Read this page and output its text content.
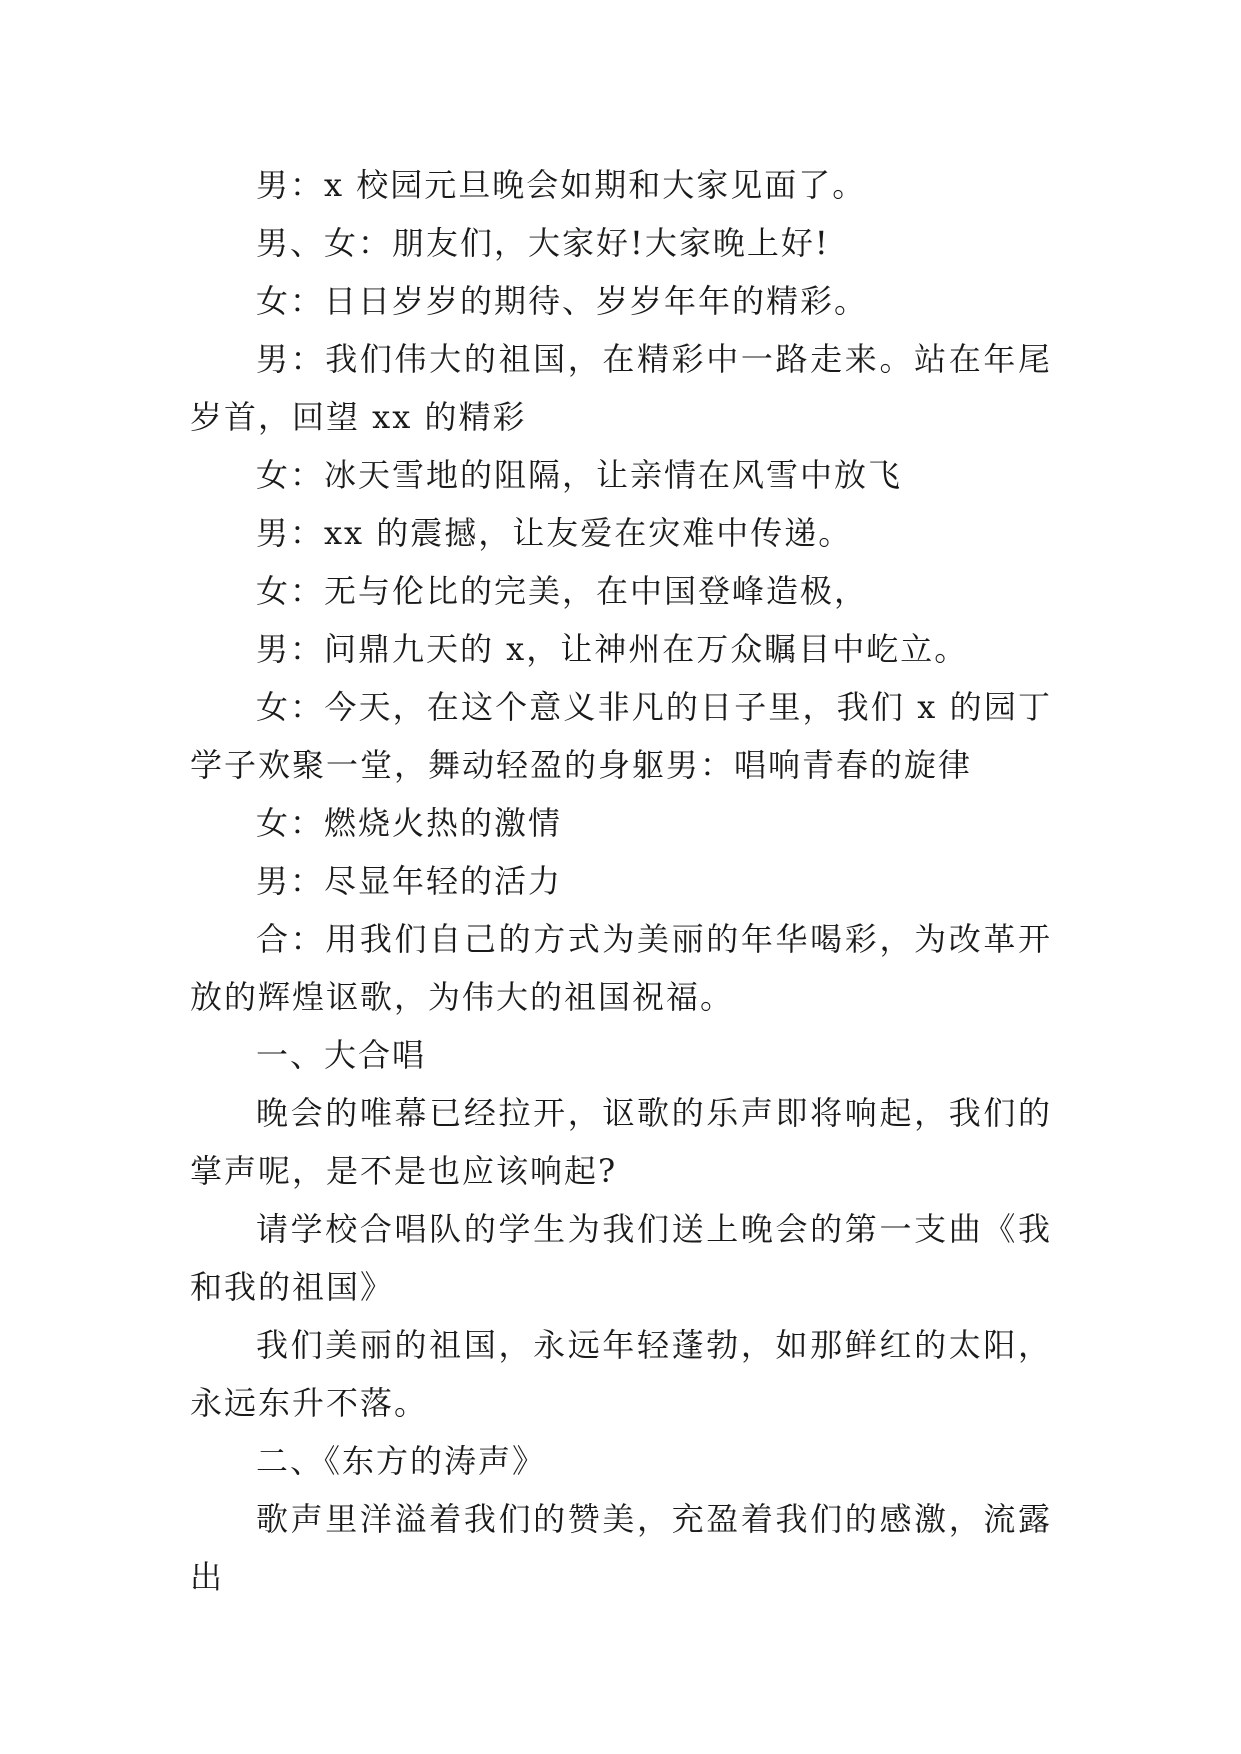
男：x 校园元旦晚会如期和大家见面了。

男、女：朋友们，大家好!大家晚上好!

女：日日岁岁的期待、岁岁年年的精彩。

男：我们伟大的祖国，在精彩中一路走来。站在年尾岁首，回望 xx 的精彩

女：冰天雪地的阻隔，让亲情在风雪中放飞

男：xx 的震撼，让友爱在灾难中传递。

女：无与伦比的完美，在中国登峰造极，

男：问鼎九天的 x，让神州在万众瞩目中屹立。

女：今天，在这个意义非凡的日子里，我们 x 的园丁学子欢聚一堂，舞动轻盈的身躯男：唱响青春的旋律

女：燃烧火热的激情

男：尽显年轻的活力

合：用我们自己的方式为美丽的年华喝彩，为改革开放的辉煌讴歌，为伟大的祖国祝福。

一、大合唱

晚会的唯幕已经拉开，讴歌的乐声即将响起，我们的掌声呢，是不是也应该响起?

请学校合唱队的学生为我们送上晚会的第一支曲《我和我的祖国》

我们美丽的祖国，永远年轻蓬勃，如那鲜红的太阳，永远东升不落。

二、《东方的涛声》

歌声里洋溢着我们的赞美，充盈着我们的感激，流露出
